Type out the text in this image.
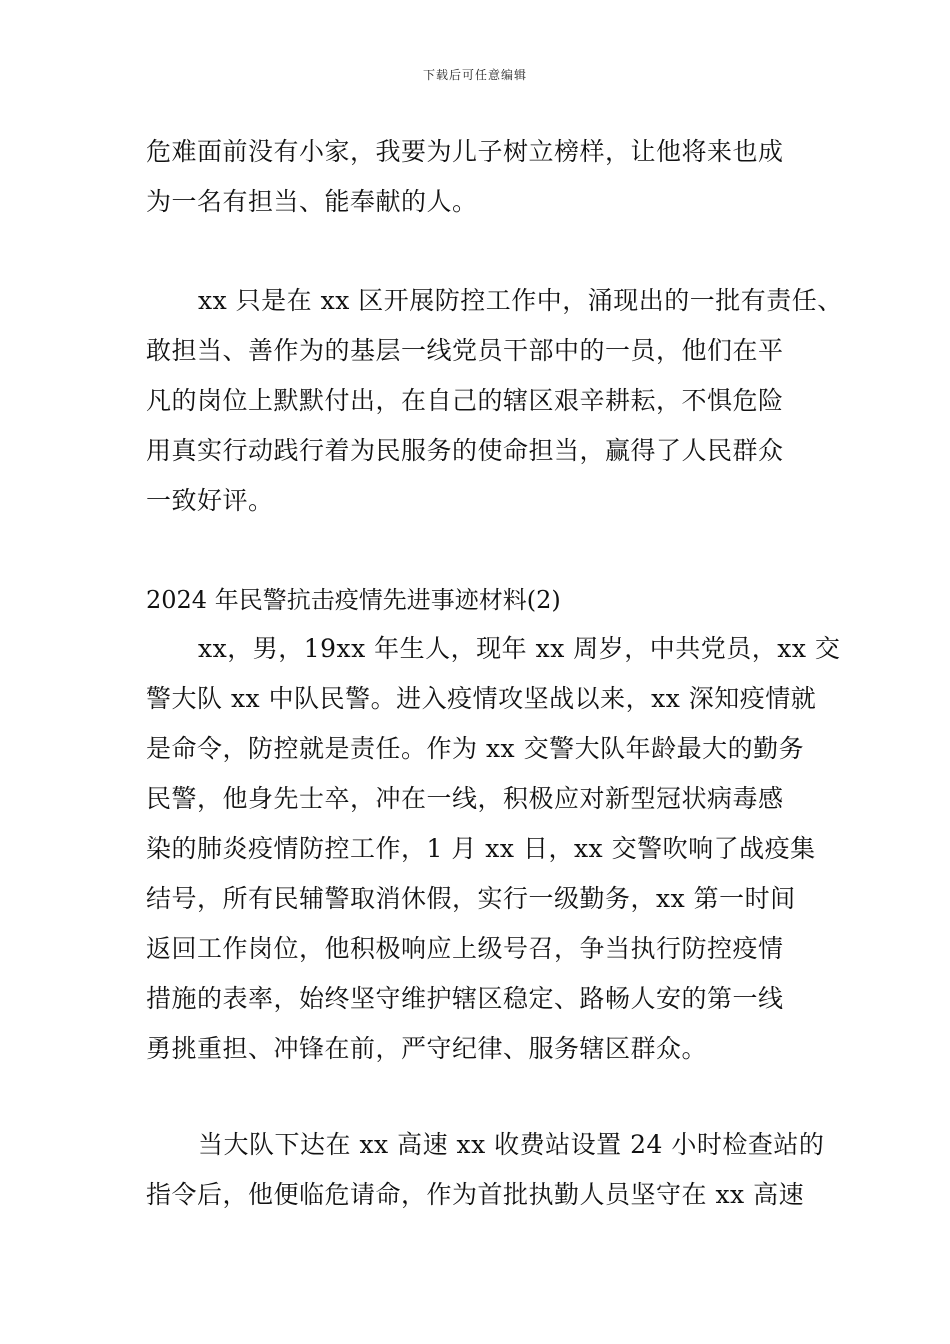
下载后可任意编辑
危难面前没有小家，我要为儿子树立榜样，让他将来也成
为一名有担当、能奉献的人。
xx 只是在 xx 区开展防控工作中，涌现出的一批有责任、
敢担当、善作为的基层一线党员干部中的一员，他们在平
凡的岗位上默默付出，在自己的辖区艰辛耕耘，不惧危险
用真实行动践行着为民服务的使命担当，赢得了人民群众
一致好评。
2024 年民警抗击疫情先进事迹材料(2)
xx，男，19xx 年生人，现年 xx 周岁，中共党员，xx 交
警大队 xx 中队民警。进入疫情攻坚战以来，xx 深知疫情就
是命令，防控就是责任。作为 xx 交警大队年龄最大的勤务
民警，他身先士卒，冲在一线，积极应对新型冠状病毒感
染的肺炎疫情防控工作，1 月 xx 日，xx 交警吹响了战疫集
结号，所有民辅警取消休假，实行一级勤务，xx 第一时间
返回工作岗位，他积极响应上级号召，争当执行防控疫情
措施的表率，始终坚守维护辖区稳定、路畅人安的第一线
勇挑重担、冲锋在前，严守纪律、服务辖区群众。
当大队下达在 xx 高速 xx 收费站设置 24 小时检查站的
指令后，他便临危请命，作为首批执勤人员坚守在 xx 高速
